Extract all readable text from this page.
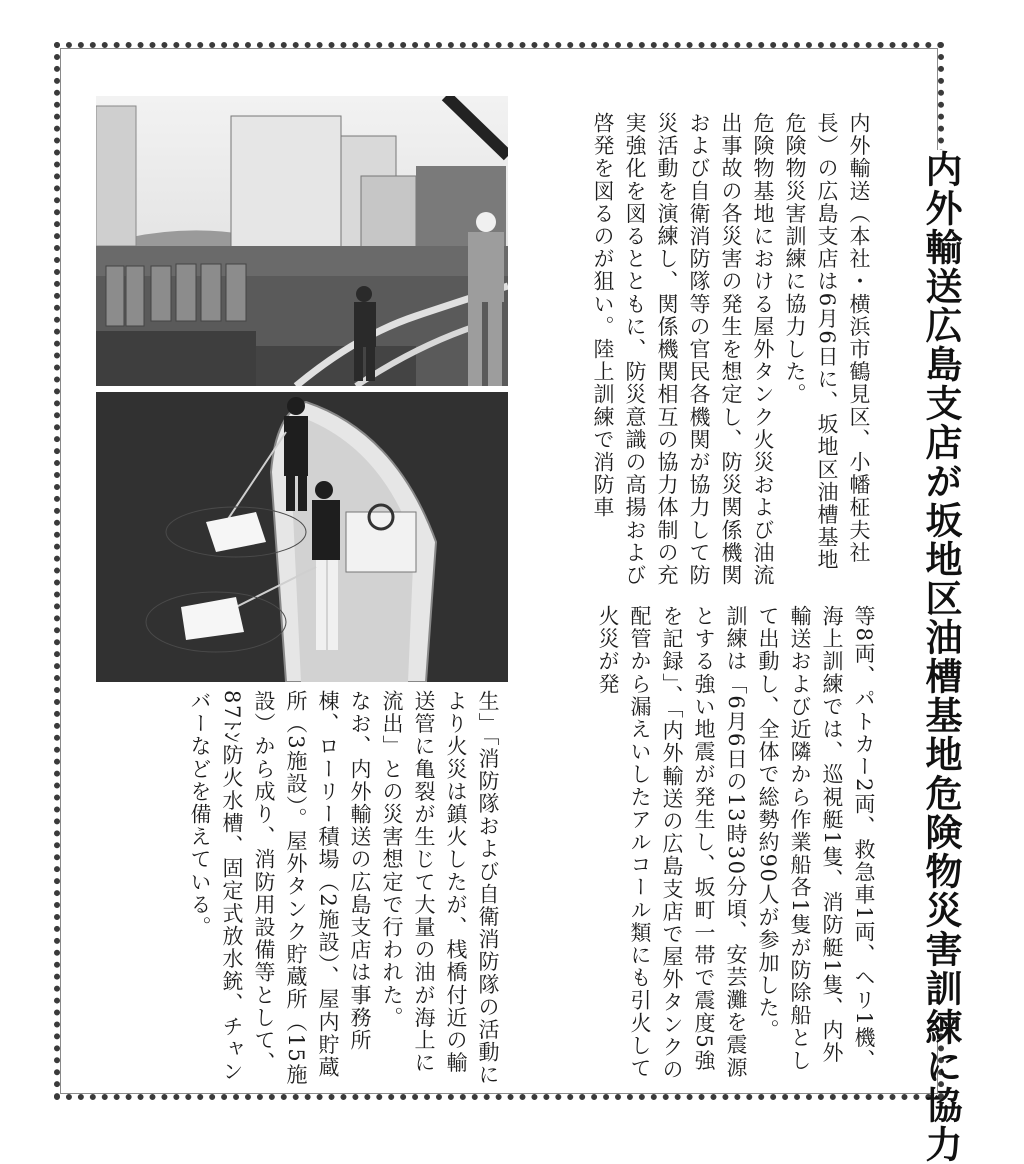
内外輸送広島支店が坂地区油槽基地危険物災害訓練に協力

内外輸送（本社・横浜市鶴見区、小幡柾夫社長）の広島支店は6月6日に、坂地区油槽基地危険物災害訓練に協力した。

危険物基地における屋外タンク火災および油流出事故の各災害の発生を想定し、防災関係機関および自衛消防隊等の官民各機関が協力して防災活動を演練し、関係機関相互の協力体制の充実強化を図るとともに、防災意識の高揚および啓発を図るのが狙い。陸上訓練で消防車

等8両、パトカー2両、救急車1両、ヘリ1機、海上訓練では、巡視艇1隻、消防艇1隻、内外輸送および近隣から作業船各1隻が防除船として出動し、全体で総勢約90人が参加した。

訓練は「6月6日の13時30分頃、安芸灘を震源とする強い地震が発生し、坂町一帯で震度5強を記録」、「内外輸送の広島支店で屋外タンクの配管から漏えいしたアルコール類にも引火して火災が発

生」「消防隊および自衛消防隊の活動により火災は鎮火したが、桟橋付近の輸送管に亀裂が生じて大量の油が海上に流出」との災害想定で行われた。

なお、内外輸送の広島支店は事務所棟、ローリー積場（2施設）、屋内貯蔵所（3施設）。屋外タンク貯蔵所（15施設）から成り、消防用設備等として、87ﾄﾝ防火水槽、固定式放水銃、チャンバーなどを備えている。
